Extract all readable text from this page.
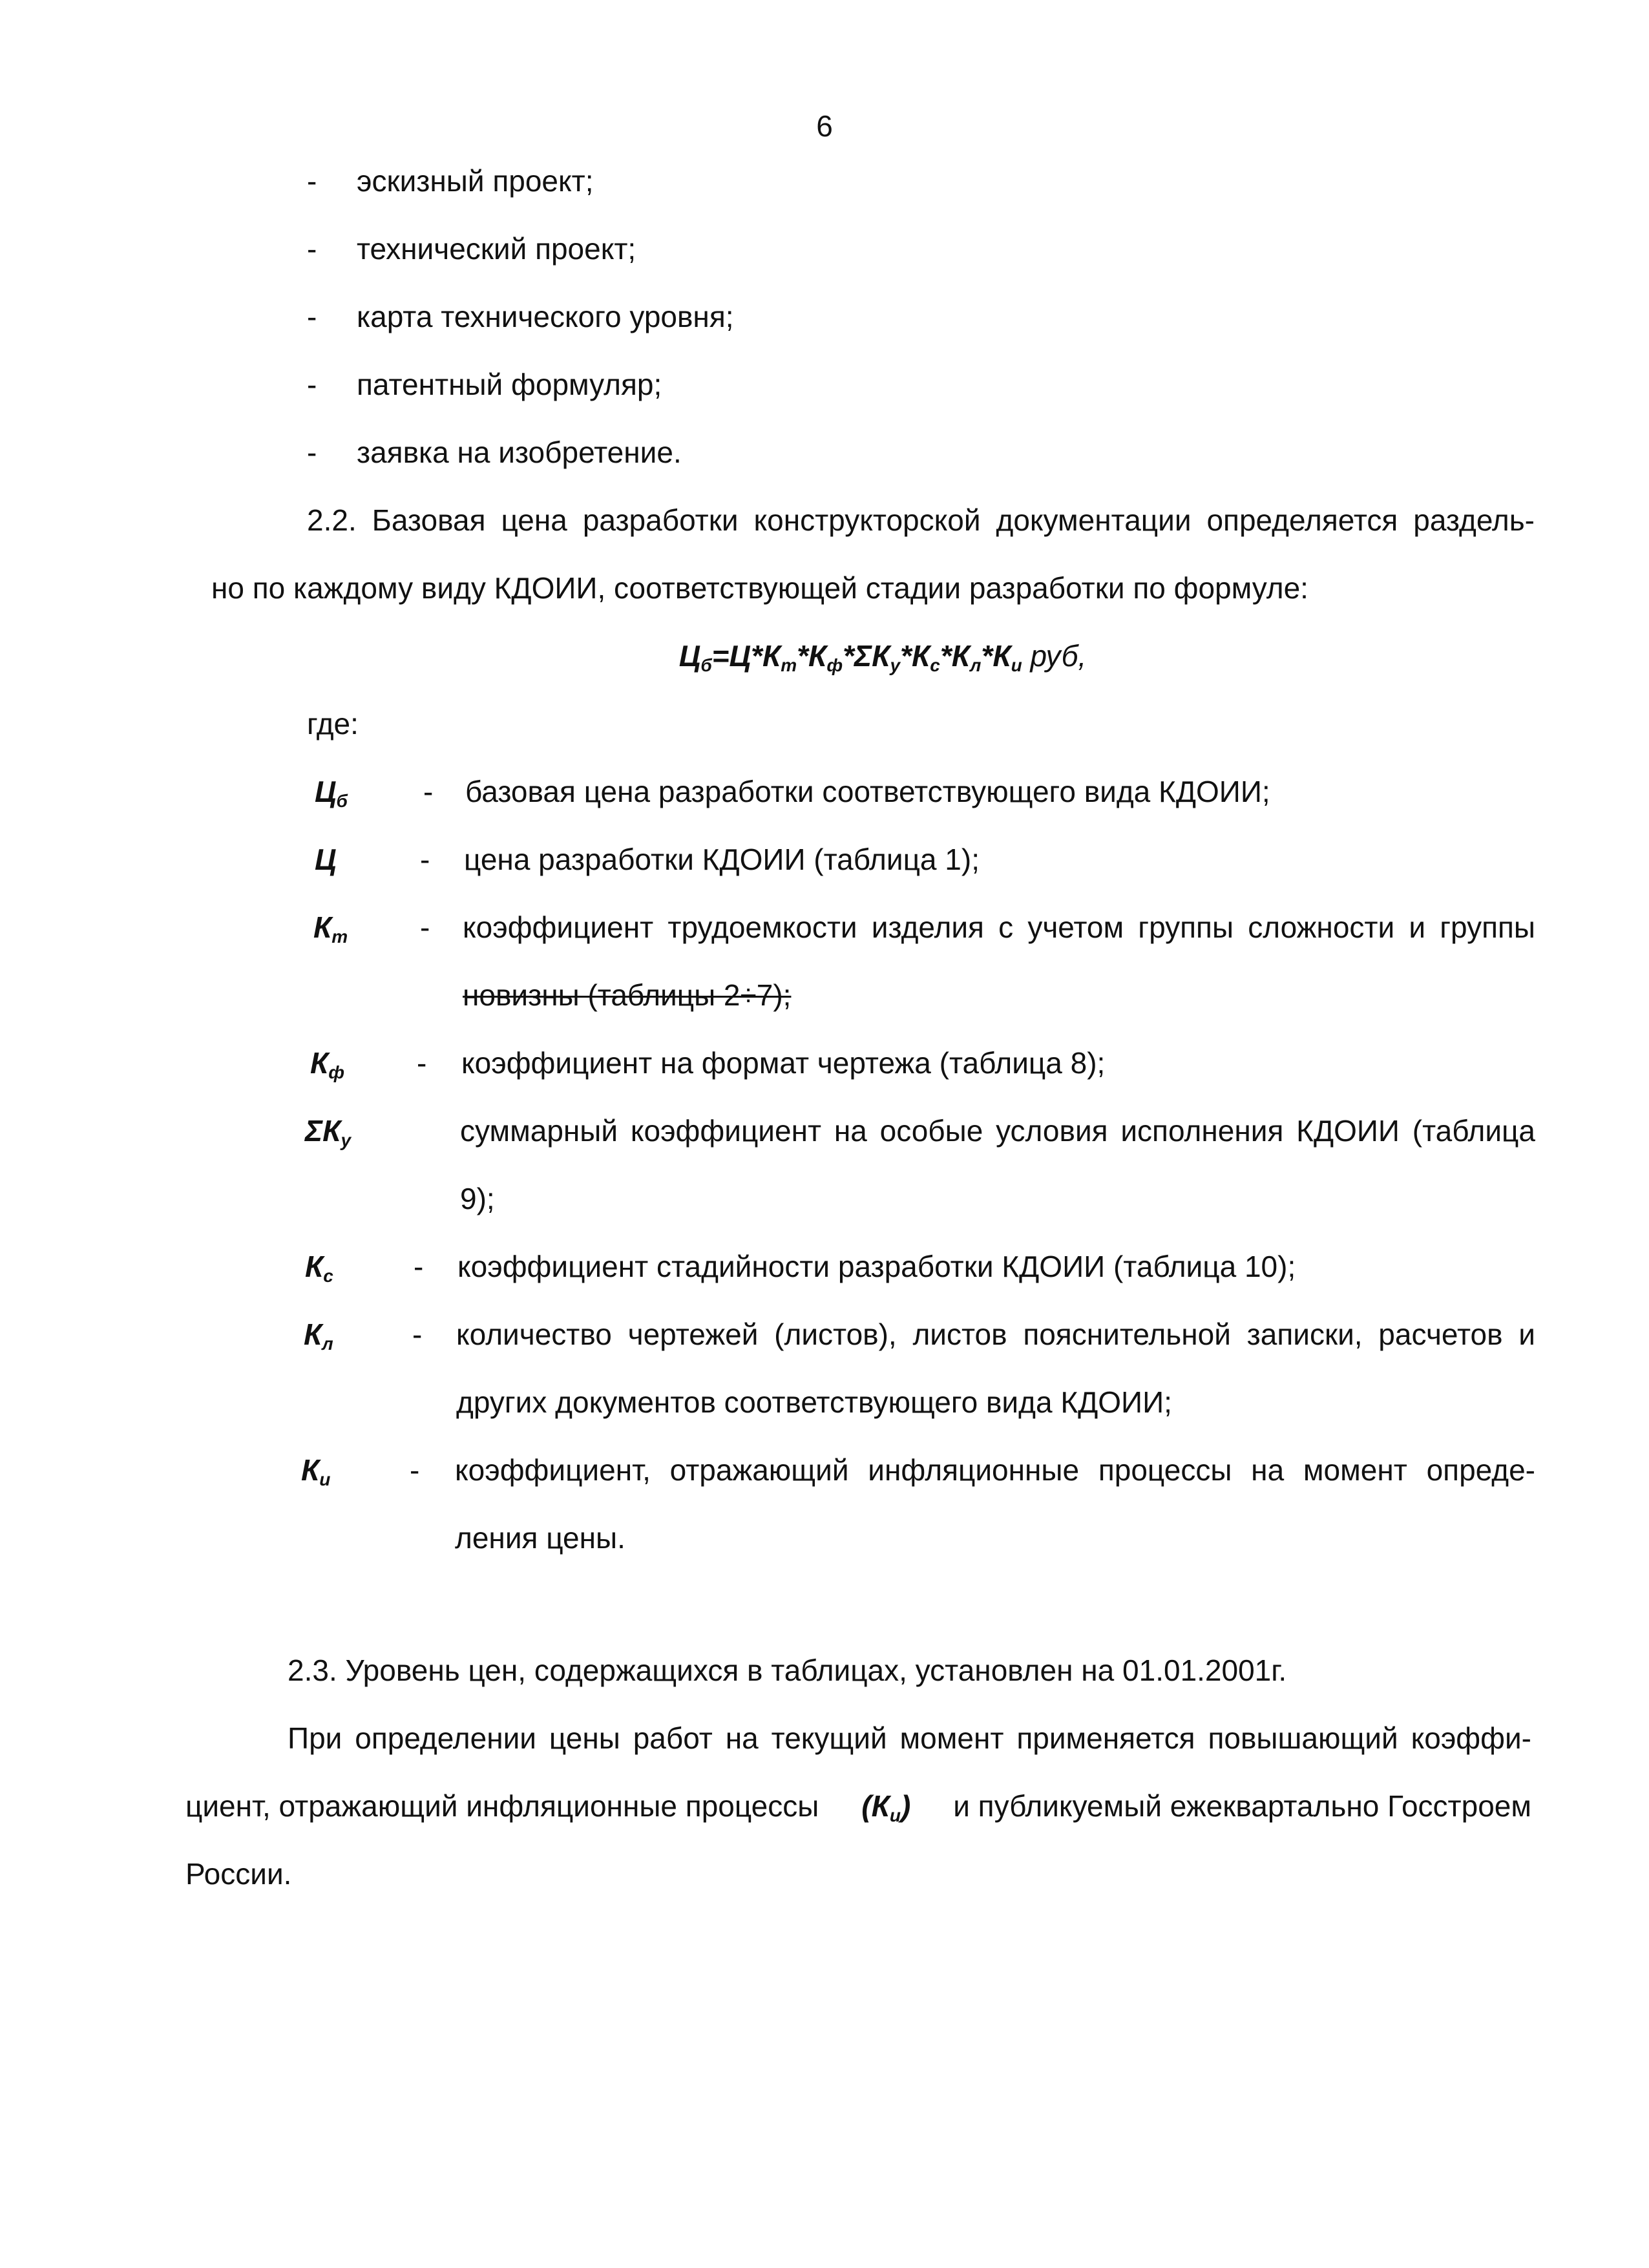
6
- эскизный проект;
- технический проект;
- карта технического уровня;
- патентный формуляр;
- заявка на изобретение.
2.2. Базовая цена разработки конструкторской документации определяется раздель-
но по каждому виду КДОИИ, соответствующей стадии разработки по формуле:
$Ц_б=Ц*К_т*К_ф*\Sigma К_у*К_с*К_л*К_и$ руб,
где:
$Ц_б$	- базовая цена разработки соответствующего вида КДОИИ;
Ц	- цена разработки КДОИИ (таблица 1);
$К_т$ - коэффициент трудоемкости изделия с учетом группы сложности и группы
новизны (таблицы 2÷7);
$К_ф$ - коэффициент на формат чертежа (таблица 8);
$\Sigma К_у$	суммарный коэффициент на особые условия исполнения КДОИИ (таблица
9);
$К_с$	- коэффициент стадийности разработки КДОИИ (таблица 10);
$К_л$	- количество чертежей (листов), листов пояснительной записки, расчетов и
других документов соответствующего вида КДОИИ;
$К_и$	- коэффициент, отражающий инфляционные процессы на момент опреде-
ления цены.
2.3. Уровень цен, содержащихся в таблицах, установлен на 01.01.2001г.
При определении цены работ на текущий момент применяется повышающий коэффи-
циент, отражающий инфляционные процессы $(К_и)$ и публикуемый ежеквартально Госстроем
России.
